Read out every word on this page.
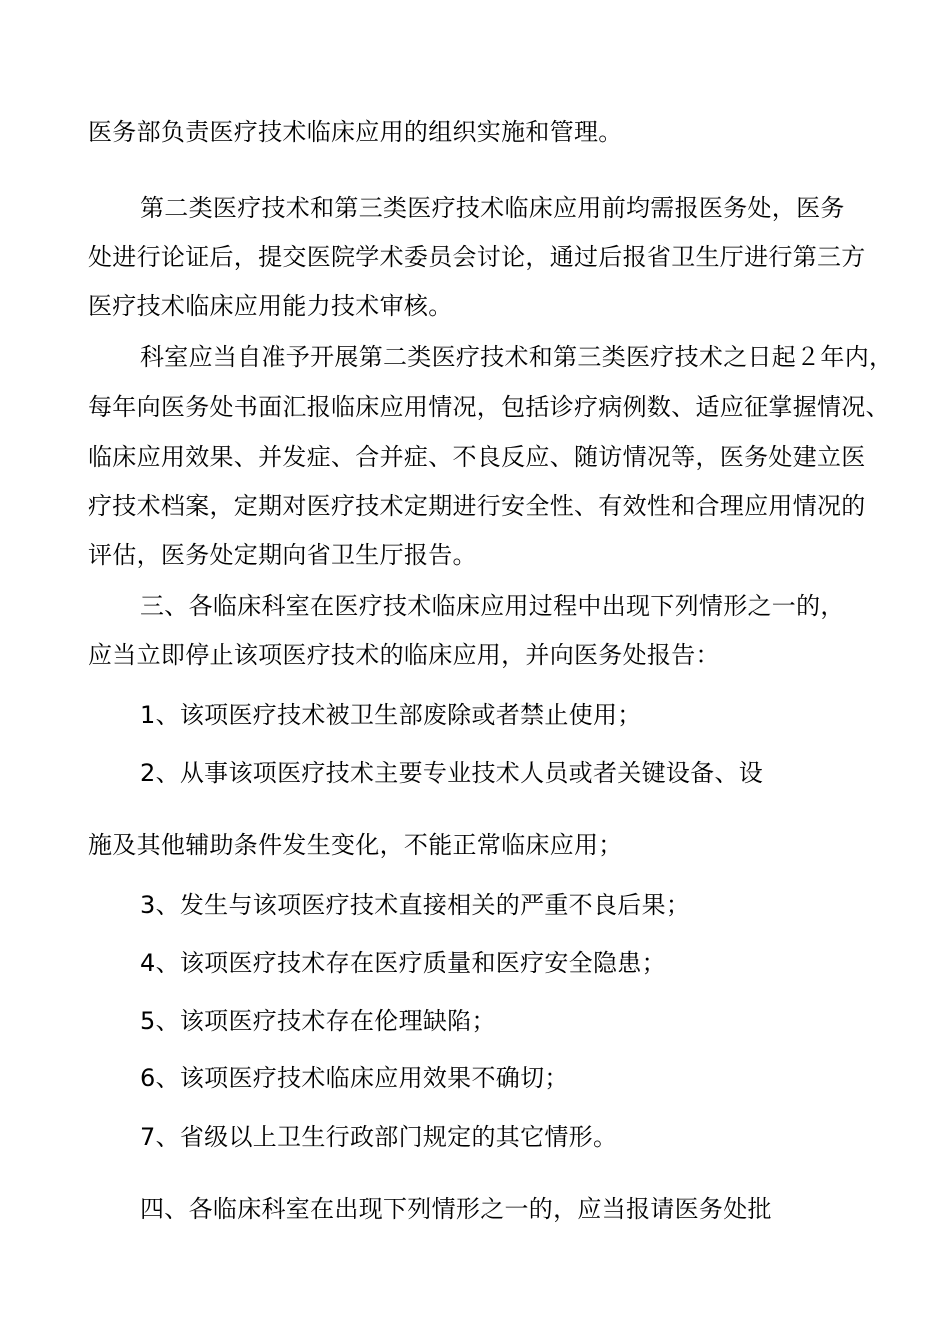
医务部负责医疗技术临床应用的组织实施和管理。
第二类医疗技术和第三类医疗技术临床应用前均需报医务处，医务
处进行论证后，提交医院学术委员会讨论，通过后报省卫生厅进行第三方
医疗技术临床应用能力技术审核。
科室应当自准予开展第二类医疗技术和第三类医疗技术之日起２年内，
每年向医务处书面汇报临床应用情况，包括诊疗病例数、适应征掌握情况、
临床应用效果、并发症、合并症、不良反应、随访情况等，医务处建立医
疗技术档案，定期对医疗技术定期进行安全性、有效性和合理应用情况的
评估，医务处定期向省卫生厅报告。
三、各临床科室在医疗技术临床应用过程中出现下列情形之一的，
应当立即停止该项医疗技术的临床应用，并向医务处报告：
1、该项医疗技术被卫生部废除或者禁止使用；
2、从事该项医疗技术主要专业技术人员或者关键设备、设
施及其他辅助条件发生变化，不能正常临床应用；
3、发生与该项医疗技术直接相关的严重不良后果；
4、该项医疗技术存在医疗质量和医疗安全隐患；
5、该项医疗技术存在伦理缺陷；
6、该项医疗技术临床应用效果不确切；
7、省级以上卫生行政部门规定的其它情形。
四、各临床科室在出现下列情形之一的，应当报请医务处批
